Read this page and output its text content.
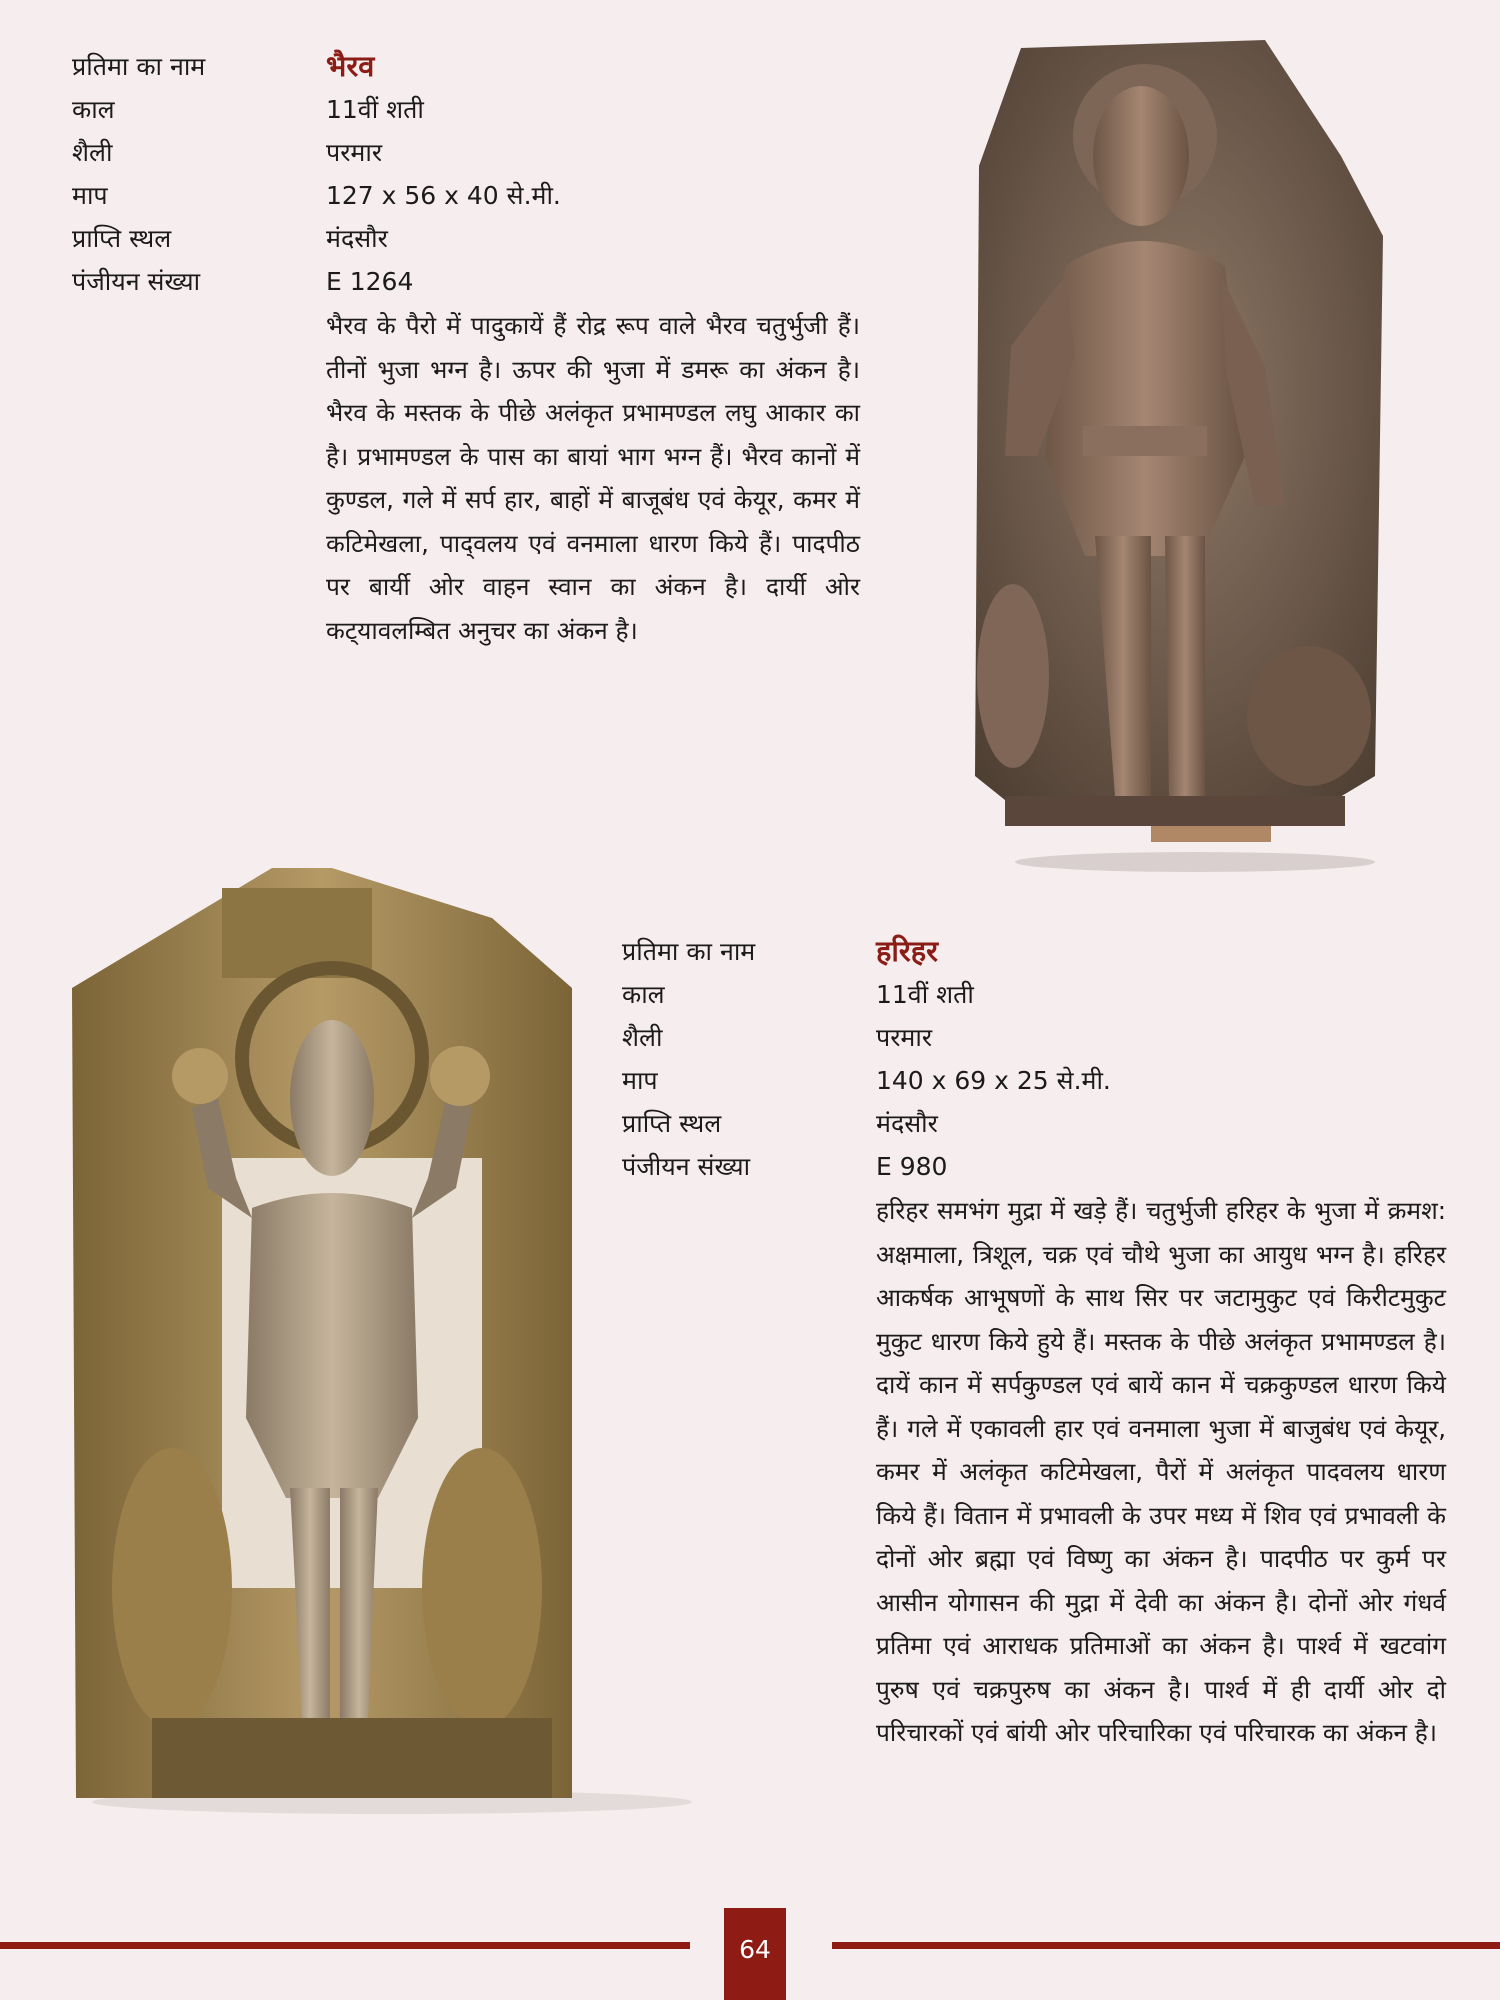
प्रतिमा का नाम	भैरव
काल	11वीं शती
शैली	परमार
माप	127 x 56 x 40 से.मी.
प्राप्ति स्थल	मंदसौर
पंजीयन संख्या	E 1264

भैरव के पैरो में पादुकायें हैं रोद्र रूप वाले भैरव चतुर्भुजी हैं। तीनों भुजा भग्न है। ऊपर की भुजा में डमरू का अंकन है। भैरव के मस्तक के पीछे अलंकृत प्रभामण्डल लघु आकार का है। प्रभामण्डल के पास का बायां भाग भग्न हैं। भैरव कानों में कुण्डल, गले में सर्प हार, बाहों में बाजूबंध एवं केयूर, कमर में कटिमेखला, पाद्‌वलय एवं वनमाला धारण किये हैं। पादपीठ पर बार्यी ओर वाहन स्वान का अंकन है। दार्यी ओर कट्‌यावलम्बित अनुचर का अंकन है।

प्रतिमा का नाम	हरिहर
काल	11वीं शती
शैली	परमार
माप	140 x 69 x 25 से.मी.
प्राप्ति स्थल	मंदसौर
पंजीयन संख्या	E 980

हरिहर समभंग मुद्रा में खड़े हैं। चतुर्भुजी हरिहर के भुजा में क्रमश: अक्षमाला, त्रिशूल, चक्र एवं चौथे भुजा का आयुध भग्न है। हरिहर आकर्षक आभूषणों के साथ सिर पर जटामुकुट एवं किरीटमुकुट मुकुट धारण किये हुये हैं। मस्तक के पीछे अलंकृत प्रभामण्डल है। दायें कान में सर्पकुण्डल एवं बायें कान में चक्रकुण्डल धारण किये हैं। गले में एकावली हार एवं वनमाला भुजा में बाजुबंध एवं केयूर, कमर में अलंकृत कटिमेखला, पैरों में अलंकृत पादवलय धारण किये हैं। वितान में प्रभावली के उपर मध्य में शिव एवं प्रभावली के दोनों ओर ब्रह्मा एवं विष्णु का अंकन है। पादपीठ पर कुर्म पर आसीन योगासन की मुद्रा में देवी का अंकन है। दोनों ओर गंधर्व प्रतिमा एवं आराधक प्रतिमाओं का अंकन है। पार्श्व में खटवांग पुरुष एवं चक्रपुरुष का अंकन है। पार्श्व में ही दार्यी ओर दो परिचारकों एवं बांयी ओर परिचारिका एवं परिचारक का अंकन है।

64
